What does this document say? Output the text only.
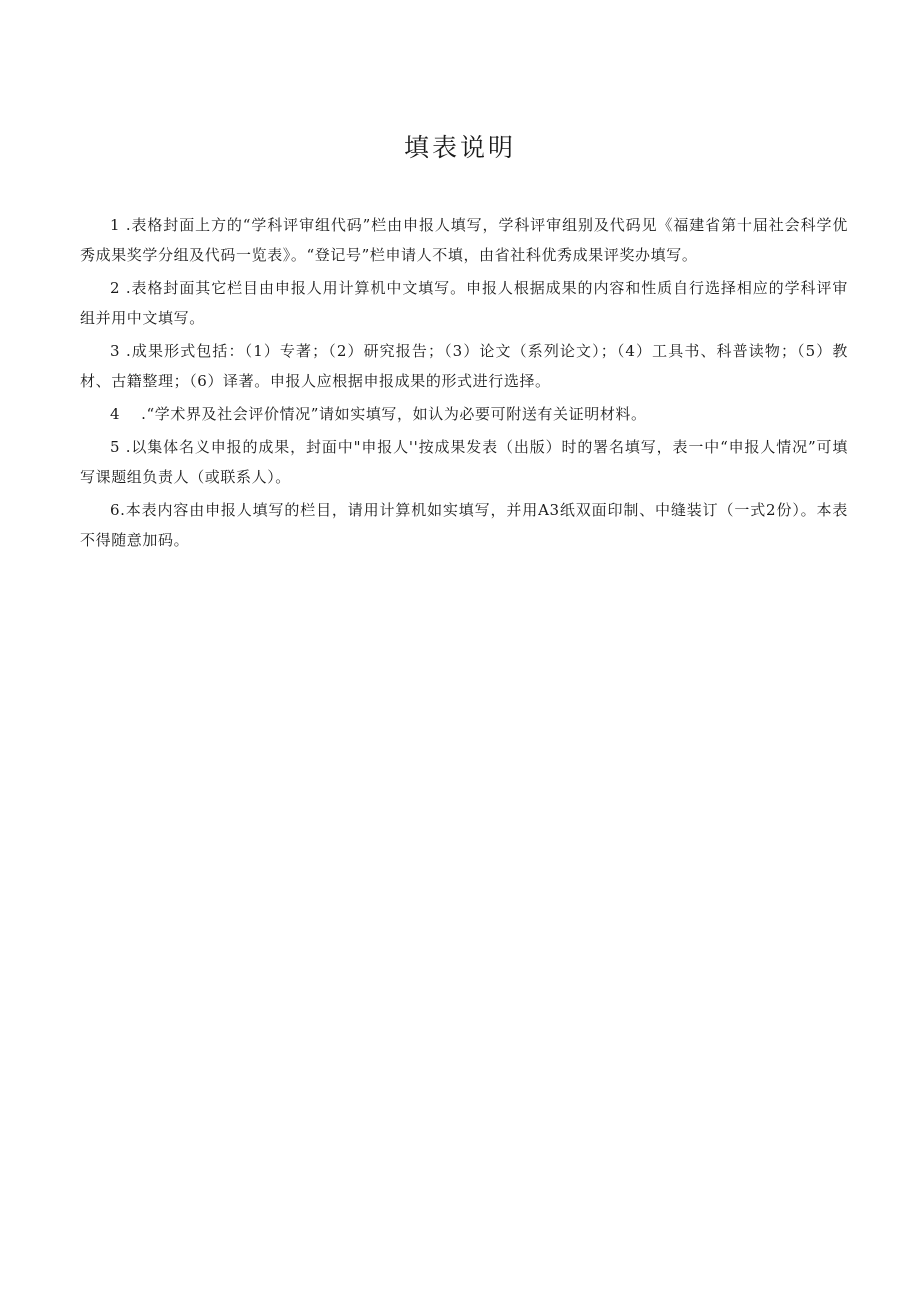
填表说明

1 .表格封面上方的“学科评审组代码”栏由申报人填写，学科评审组别及代码见《福建省第十届社会科学优秀成果奖学分组及代码一览表》。“登记号”栏申请人不填，由省社科优秀成果评奖办填写。

2 .表格封面其它栏目由申报人用计算机中文填写。申报人根据成果的内容和性质自行选择相应的学科评审组并用中文填写。

3 .成果形式包括：（1）专著；（2）研究报告；（3）论文（系列论文）；（4）工具书、科普读物；（5）教材、古籍整理；（6）译著。申报人应根据申报成果的形式进行选择。

4　 .“学术界及社会评价情况”请如实填写，如认为必要可附送有关证明材料。

5 .以集体名义申报的成果，封面中"申报人''按成果发表（出版）时的署名填写，表一中“申报人情况”可填写课题组负责人（或联系人）。

6.本表内容由申报人填写的栏目，请用计算机如实填写，并用A3纸双面印制、中缝装订（一式2份）。本表不得随意加码。
